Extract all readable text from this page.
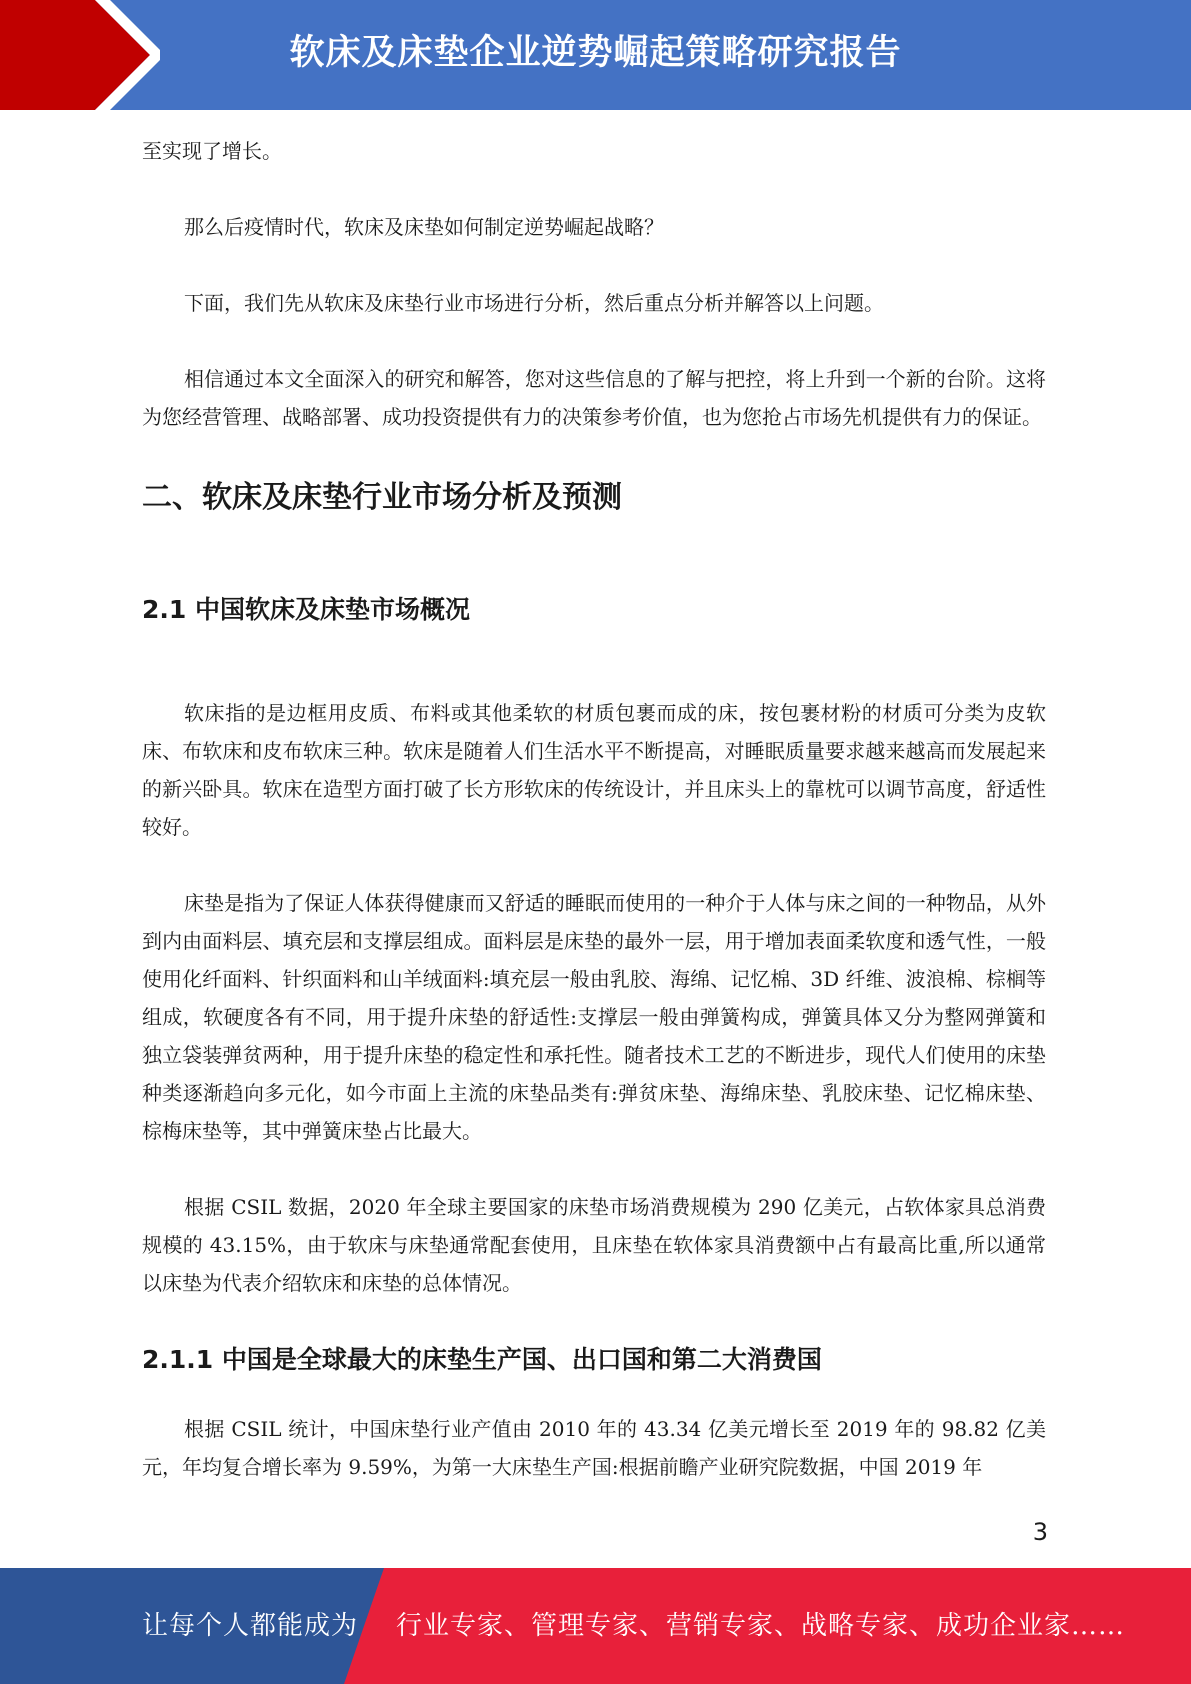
软床及床垫企业逆势崛起策略研究报告

至实现了增长。

那么后疫情时代，软床及床垫如何制定逆势崛起战略？

下面，我们先从软床及床垫行业市场进行分析，然后重点分析并解答以上问题。

相信通过本文全面深入的研究和解答，您对这些信息的了解与把控，将上升到一个新的台阶。这将为您经营管理、战略部署、成功投资提供有力的决策参考价值，也为您抢占市场先机提供有力的保证。

二、软床及床垫行业市场分析及预测
2.1 中国软床及床垫市场概况

软床指的是边框用皮质、布料或其他柔软的材质包裹而成的床，按包裹材粉的材质可分类为皮软床、布软床和皮布软床三种。软床是随着人们生活水平不断提高，对睡眠质量要求越来越高而发展起来的新兴卧具。软床在造型方面打破了长方形软床的传统设计，并且床头上的靠枕可以调节高度，舒适性较好。

床垫是指为了保证人体获得健康而又舒适的睡眠而使用的一种介于人体与床之间的一种物品，从外到内由面料层、填充层和支撑层组成。面料层是床垫的最外一层，用于增加表面柔软度和透气性，一般使用化纤面料、针织面料和山羊绒面料:填充层一般由乳胶、海绵、记忆棉、3D 纤维、波浪棉、棕榈等组成，软硬度各有不同，用于提升床垫的舒适性:支撑层一般由弹簧构成，弹簧具体又分为整网弹簧和独立袋装弹贫两种，用于提升床垫的稳定性和承托性。随者技术工艺的不断进步，现代人们使用的床垫种类逐渐趋向多元化，如今市面上主流的床垫品类有:弹贫床垫、海绵床垫、乳胶床垫、记忆棉床垫、棕梅床垫等，其中弹簧床垫占比最大。

根据 CSIL 数据，2020 年全球主要国家的床垫市场消费规模为 290 亿美元，占软体家具总消费规模的 43.15%，由于软床与床垫通常配套使用，且床垫在软体家具消费额中占有最高比重,所以通常以床垫为代表介绍软床和床垫的总体情况。

2.1.1 中国是全球最大的床垫生产国、出口国和第二大消费国

根据 CSIL 统计，中国床垫行业产值由 2010 年的 43.34 亿美元增长至 2019 年的 98.82 亿美元，年均复合增长率为 9.59%，为第一大床垫生产国:根据前瞻产业研究院数据，中国 2019 年

3
让每个人都能成为 行业专家、管理专家、营销专家、战略专家、成功企业家……
